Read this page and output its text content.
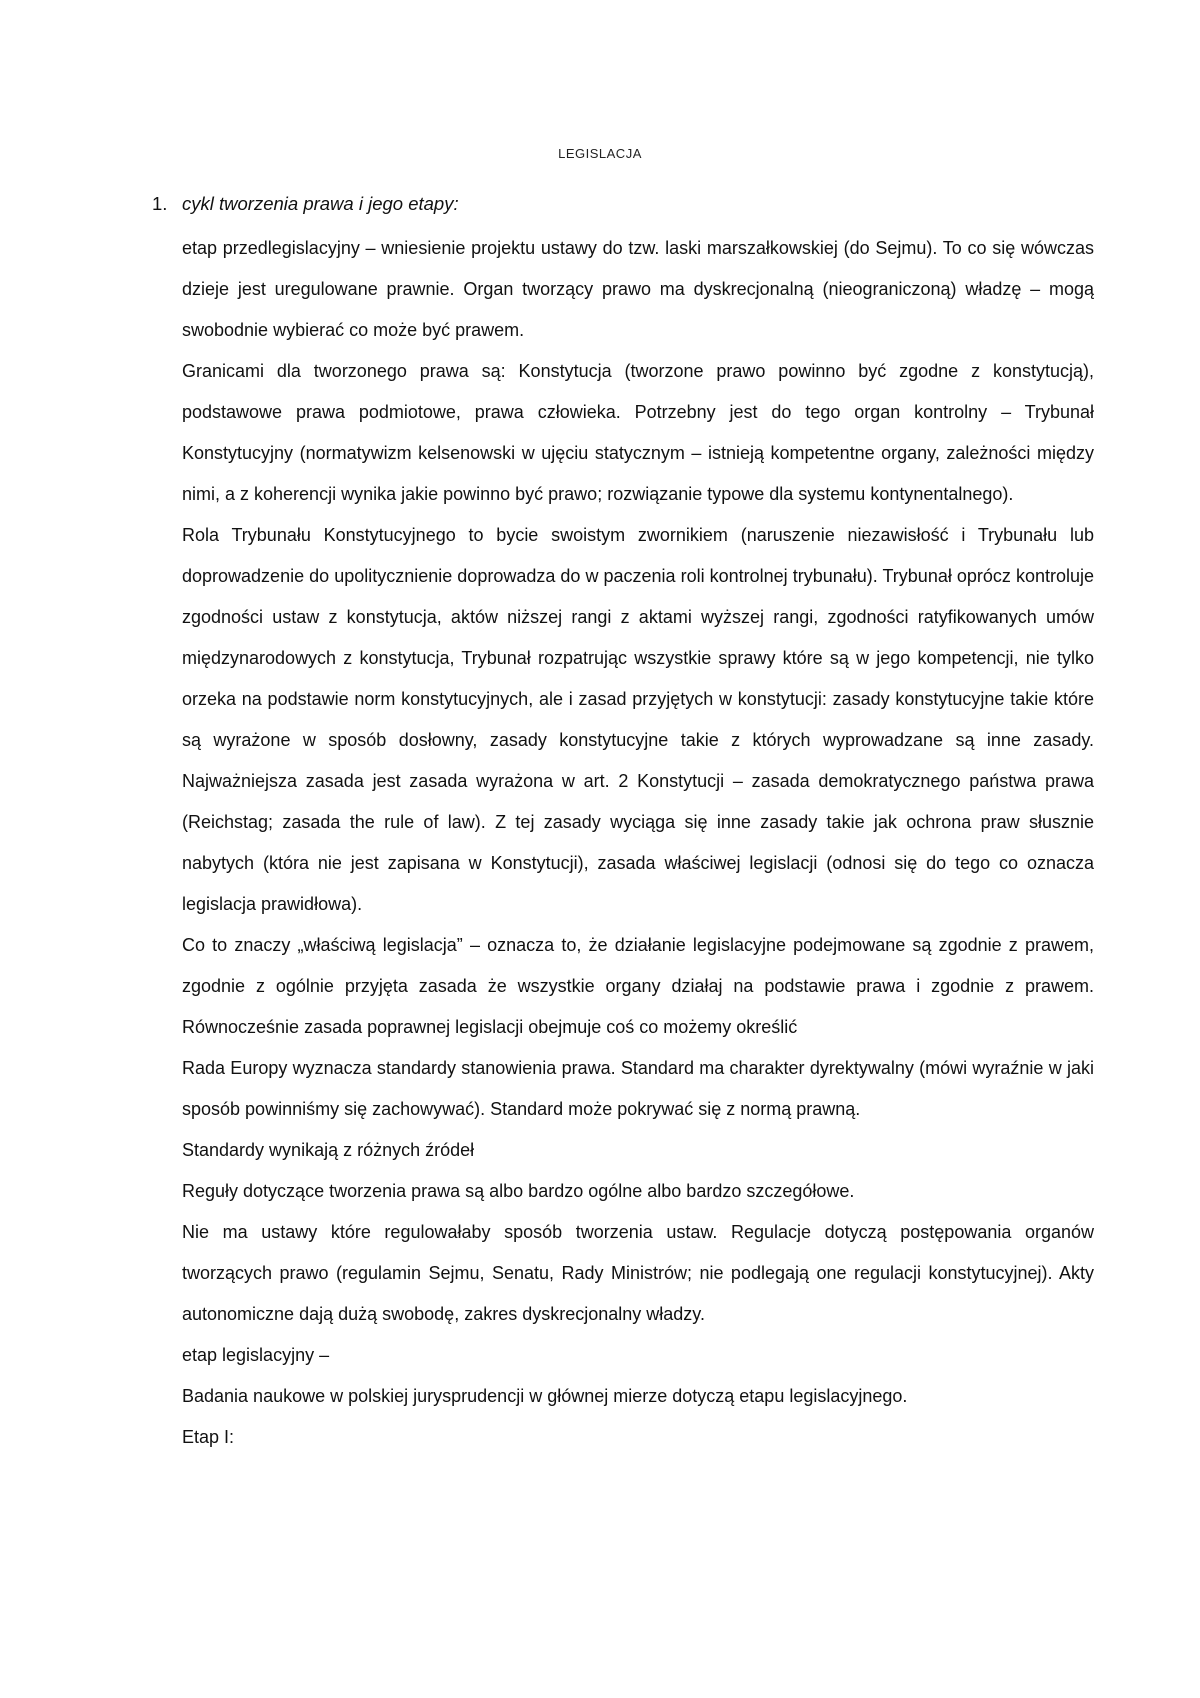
LEGISLACJA
1. cykl tworzenia prawa i jego etapy:

etap przedlegislacyjny – wniesienie projektu ustawy do tzw. laski marszałkowskiej (do Sejmu). To co się wówczas dzieje jest uregulowane prawnie. Organ tworzący prawo ma dyskrecjonalną (nieograniczoną) władzę – mogą swobodnie wybierać co może być prawem.

Granicami dla tworzonego prawa są: Konstytucja (tworzone prawo powinno być zgodne z konstytucją), podstawowe prawa podmiotowe, prawa człowieka. Potrzebny jest do tego organ kontrolny – Trybunał Konstytucyjny (normatywizm kelsenowski w ujęciu statycznym – istnieją kompetentne organy, zależności między nimi, a z koherencji wynika jakie powinno być prawo; rozwiązanie typowe dla systemu kontynentalnego).

Rola Trybunału Konstytucyjnego to bycie swoistym zwornikiem (naruszenie niezawisłość i Trybunału lub doprowadzenie do upolitycznienie doprowadza do w paczenia roli kontrolnej trybunału). Trybunał oprócz kontroluje zgodności ustaw z konstytucja, aktów niższej rangi z aktami wyższej rangi, zgodności ratyfikowanych umów międzynarodowych z konstytucja, Trybunał rozpatrując wszystkie sprawy które są w jego kompetencji, nie tylko orzeka na podstawie norm konstytucyjnych, ale i zasad przyjętych w konstytucji: zasady konstytucyjne takie które są wyrażone w sposób dosłowny, zasady konstytucyjne takie z których wyprowadzane są inne zasady. Najważniejsza zasada jest zasada wyrażona w art. 2 Konstytucji – zasada demokratycznego państwa prawa (Reichstag; zasada the rule of law). Z tej zasady wyciąga się inne zasady takie jak ochrona praw słusznie nabytych (która nie jest zapisana w Konstytucji), zasada właściwej legislacji (odnosi się do tego co oznacza legislacja prawidłowa).

Co to znaczy „właściwą legislacja” – oznacza to, że działanie legislacyjne podejmowane są zgodnie z prawem, zgodnie z ogólnie przyjęta zasada że wszystkie organy działaj na podstawie prawa i zgodnie z prawem. Równocześnie zasada poprawnej legislacji obejmuje coś co możemy określić

Rada Europy wyznacza standardy stanowienia prawa. Standard ma charakter dyrektywalny (mówi wyraźnie w jaki sposób powinniśmy się zachowywać). Standard może pokrywać się z normą prawną.

Standardy wynikają z różnych źródeł

Reguły dotyczące tworzenia prawa są albo bardzo ogólne albo bardzo szczegółowe.

Nie ma ustawy które regulowałaby sposób tworzenia ustaw. Regulacje dotyczą postępowania organów tworzących prawo (regulamin Sejmu, Senatu, Rady Ministrów; nie podlegają one regulacji konstytucyjnej). Akty autonomiczne dają dużą swobodę, zakres dyskrecjonalny władzy.

etap legislacyjny –

Badania naukowe w polskiej jurysprudencji w głównej mierze dotyczą etapu legislacyjnego.

Etap I:
